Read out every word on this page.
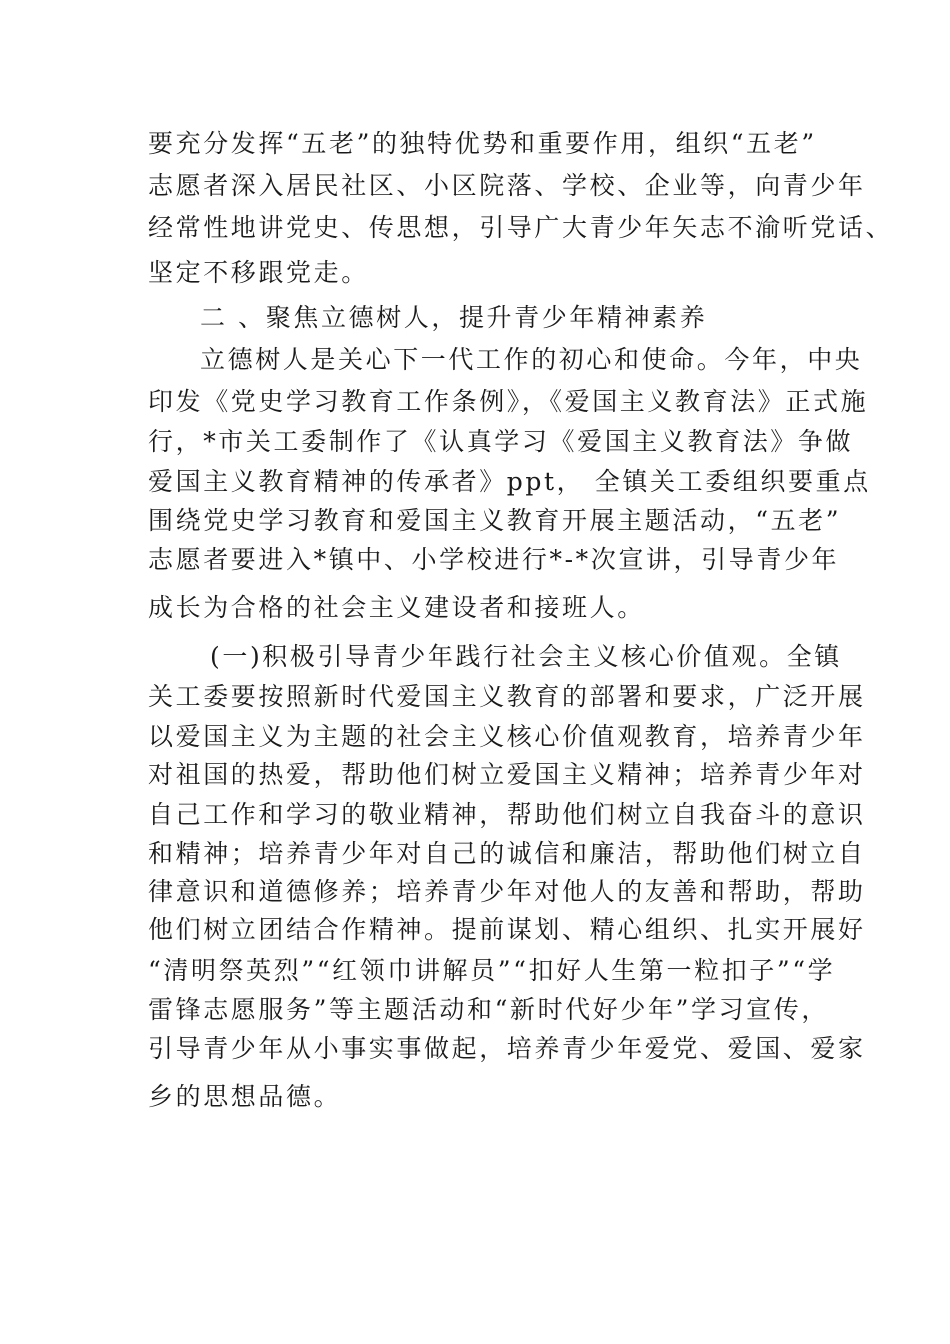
要充分发挥“五老”的独特优势和重要作用，组织“五老”
志愿者深入居民社区、小区院落、学校、企业等，向青少年
经常性地讲党史、传思想，引导广大青少年矢志不渝听党话、
坚定不移跟党走。
二 、聚焦立德树人，提升青少年精神素养
立德树人是关心下一代工作的初心和使命。今年，中央
印发《党史学习教育工作条例》，《爱国主义教育法》正式施
行，*市关工委制作了《认真学习《爱国主义教育法》争做
爱国主义教育精神的传承者》ppt， 全镇关工委组织要重点
围绕党史学习教育和爱国主义教育开展主题活动，“五老”
志愿者要进入*镇中、小学校进行*-*次宣讲，引导青少年
成长为合格的社会主义建设者和接班人。
(一)积极引导青少年践行社会主义核心价值观。全镇
关工委要按照新时代爱国主义教育的部署和要求，广泛开展
以爱国主义为主题的社会主义核心价值观教育，培养青少年
对祖国的热爱，帮助他们树立爱国主义精神；培养青少年对
自己工作和学习的敬业精神，帮助他们树立自我奋斗的意识
和精神；培养青少年对自己的诚信和廉洁，帮助他们树立自
律意识和道德修养；培养青少年对他人的友善和帮助，帮助
他们树立团结合作精神。提前谋划、精心组织、扎实开展好
“清明祭英烈”“红领巾讲解员”“扣好人生第一粒扣子”“学
雷锋志愿服务”等主题活动和“新时代好少年”学习宣传，
引导青少年从小事实事做起，培养青少年爱党、爱国、爱家
乡的思想品德。
